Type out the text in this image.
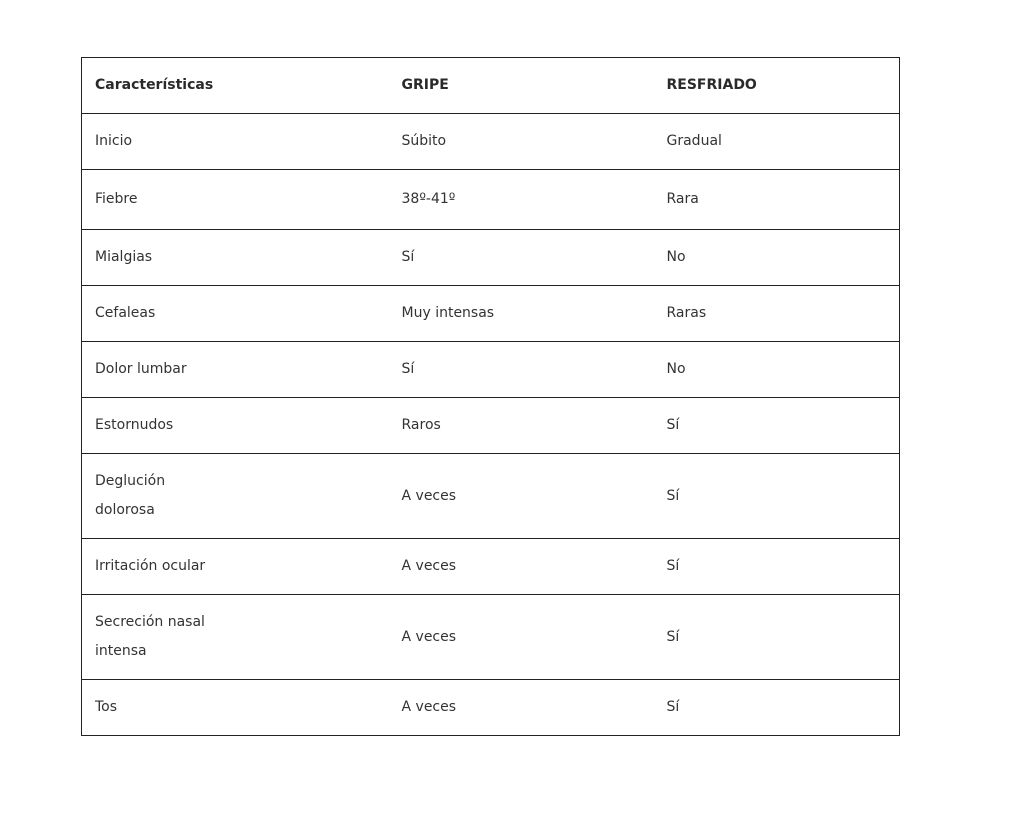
Características	GRIPE	RESFRIADO
Inicio	Súbito	Gradual
Fiebre	38º-41º	Rara
Mialgias	Sí	No
Cefaleas	Muy intensas	Raras
Dolor lumbar	Sí	No
Estornudos	Raros	Sí
Deglución dolorosa	A veces	Sí
Irritación ocular	A veces	Sí
Secreción nasal intensa	A veces	Sí
Tos	A veces	Sí
